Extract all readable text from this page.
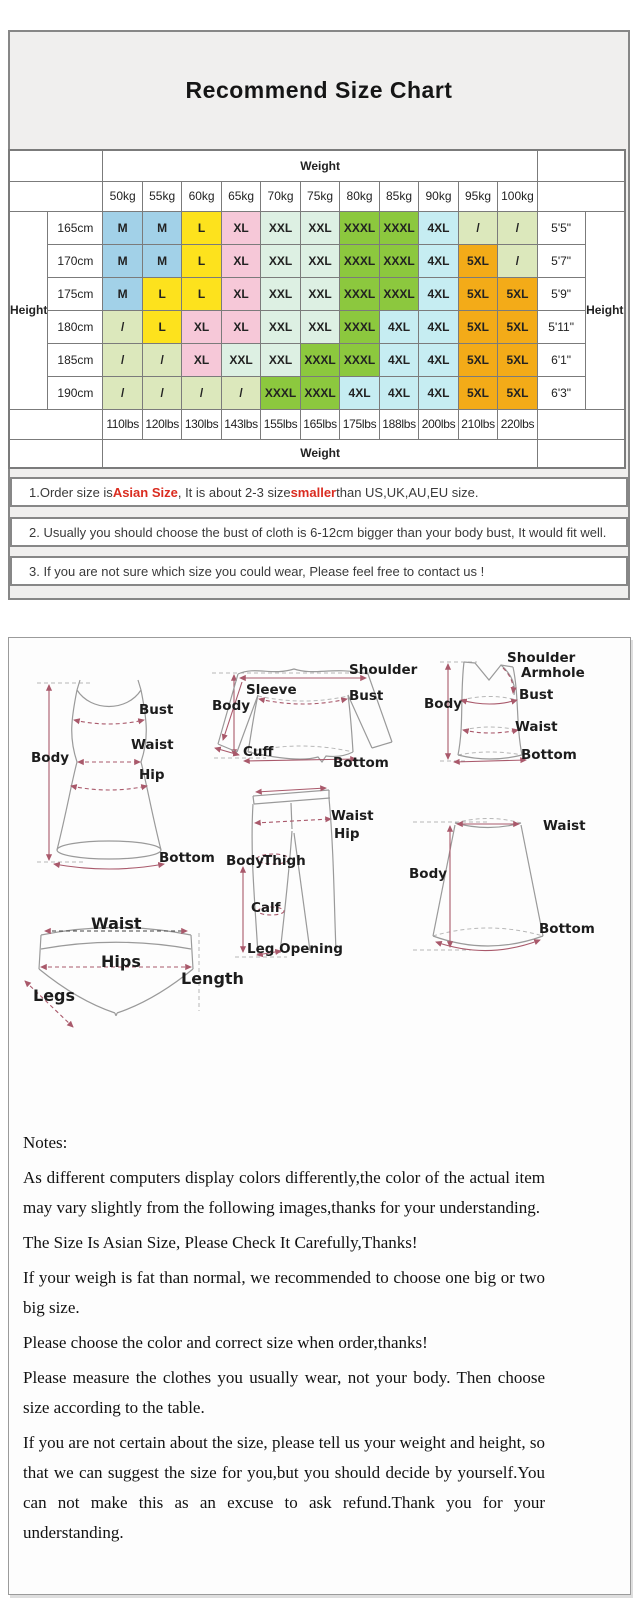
Recommend Size Chart
		Weight												
		50kg	55kg	60kg	65kg	70kg	75kg	80kg	85kg	90kg	95kg	100kg		
Height	165cm	M	M	L	XL	XXL	XXL	XXXL	XXXL	4XL	/	/	5'5"	Height
	170cm	M	M	L	XL	XXL	XXL	XXXL	XXXL	4XL	5XL	/	5'7"	
	175cm	M	L	L	XL	XXL	XXL	XXXL	XXXL	4XL	5XL	5XL	5'9"	
	180cm	/	L	XL	XL	XXL	XXL	XXXL	4XL	4XL	5XL	5XL	5'11"	
	185cm	/	/	XL	XXL	XXL	XXXL	XXXL	4XL	4XL	5XL	5XL	6'1"	
	190cm	/	/	/	/	XXXL	XXXL	4XL	4XL	4XL	5XL	5XL	6'3"	
		110lbs	120lbs	130lbs	143lbs	155lbs	165lbs	175lbs	188lbs	200lbs	210lbs	220lbs		
		Weight												
1.Order size is Asian Size , It is about 2-3 size smaller than US,UK,AU,EU size.
2. Usually you should choose the bust of cloth is 6-12cm bigger than your body bust, It would fit well.
3. If you are not sure which size you could wear, Please feel free to contact us !
Body
Bust
Waist
Hip
Bottom
Shoulder
Sleeve
Body
Bust
Cuff
Bottom
Shoulder
Armhole
Body
Bust
Waist
Bottom
Waist
Hip
Body
Thigh
Calf
Leg Opening
Waist
Body
Bottom
Waist
Hips
Legs
Length

Notes:

As different computers display colors differently,the color of the actual item may vary slightly from the following images,thanks for your understanding.

The Size Is Asian Size, Please Check It Carefully,Thanks!

If your weigh is fat than normal, we recommended to choose one big or two big size.

Please choose the color and correct size when order,thanks!

Please measure the clothes you usually wear, not your body. Then choose size according to the table.

If you are not certain about the size, please tell us your weight and height, so that we can suggest the size for you,but you should decide by yourself.You can not make this as an excuse to ask refund.Thank you for your understanding.
